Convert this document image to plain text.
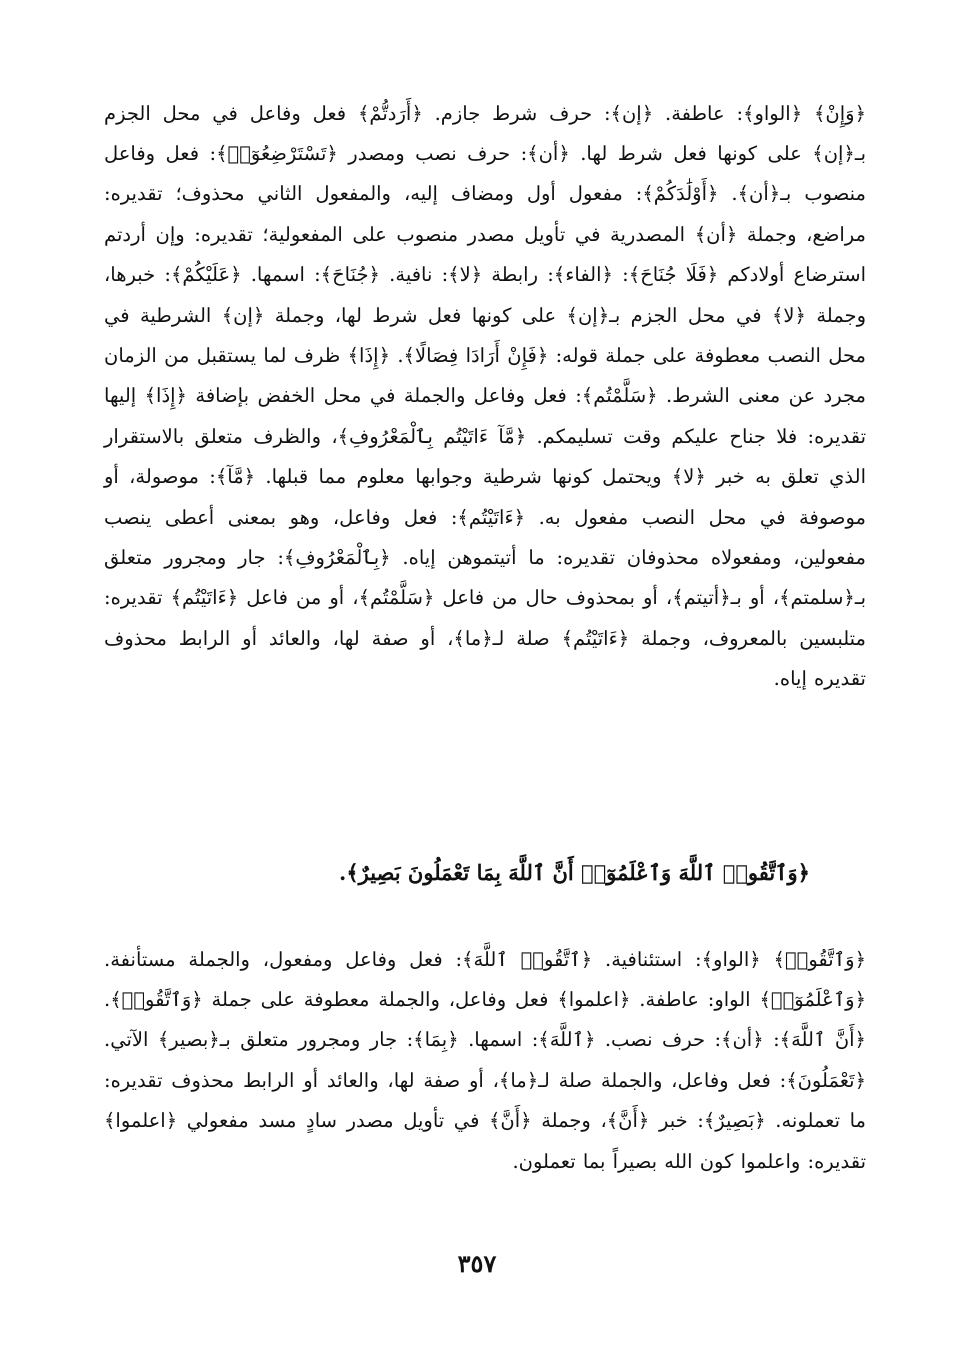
﴿وَإِنْ﴾ ﴿الواو﴾: عاطفة. ﴿إن﴾: حرف شرط جازم. ﴿أَرَدتُّمْ﴾ فعل وفاعل في محل الجزم بـ﴿إن﴾ على كونها فعل شرط لها. ﴿أن﴾: حرف نصب ومصدر ﴿تَسْتَرْضِعُوٓا۟﴾: فعل وفاعل منصوب بـ﴿أن﴾. ﴿أَوْلَٰدَكُمْ﴾: مفعول أول ومضاف إليه، والمفعول الثاني محذوف؛ تقديره: مراضع، وجملة ﴿أن﴾ المصدرية في تأويل مصدر منصوب على المفعولية؛ تقديره: وإن أردتم استرضاع أولادكم ﴿فَلَا جُنَاحَ﴾: ﴿الفاء﴾: رابطة ﴿لا﴾: نافية. ﴿جُنَاحَ﴾: اسمها. ﴿عَلَيْكُمْ﴾: خبرها، وجملة ﴿لا﴾ في محل الجزم بـ﴿إن﴾ على كونها فعل شرط لها، وجملة ﴿إن﴾ الشرطية في محل النصب معطوفة على جملة قوله: ﴿فَإِنْ أَرَادَا فِصَالًا﴾. ﴿إِذَا﴾ ظرف لما يستقبل من الزمان مجرد عن معنى الشرط. ﴿سَلَّمْتُم﴾: فعل وفاعل والجملة في محل الخفض بإضافة ﴿إِذَا﴾ إليها تقديره: فلا جناح عليكم وقت تسليمكم. ﴿مَّآ ءَاتَيْتُم بِٱلْمَعْرُوفِ﴾، والظرف متعلق بالاستقرار الذي تعلق به خبر ﴿لا﴾ ويحتمل كونها شرطية وجوابها معلوم مما قبلها. ﴿مَّآ﴾: موصولة، أو موصوفة في محل النصب مفعول به. ﴿ءَاتَيْتُم﴾: فعل وفاعل، وهو بمعنى أعطى ينصب مفعولين، ومفعولاه محذوفان تقديره: ما أتيتموهن إياه. ﴿بِٱلْمَعْرُوفِ﴾: جار ومجرور متعلق بـ﴿سلمتم﴾، أو بـ﴿أتيتم﴾، أو بمحذوف حال من فاعل ﴿سَلَّمْتُم﴾، أو من فاعل ﴿ءَاتَيْتُم﴾ تقديره: متلبسين بالمعروف، وجملة ﴿ءَاتَيْتُم﴾ صلة لـ﴿ما﴾، أو صفة لها، والعائد أو الرابط محذوف تقديره إياه.

﴿وَٱتَّقُوا۟ ٱللَّهَ وَٱعْلَمُوٓا۟ أَنَّ ٱللَّهَ بِمَا تَعْمَلُونَ بَصِيرٌ﴾.

﴿وَٱتَّقُوا۟﴾ ﴿الواو﴾: استئنافية. ﴿ٱتَّقُوا۟ ٱللَّهَ﴾: فعل وفاعل ومفعول، والجملة مستأنفة. ﴿وَٱعْلَمُوٓا۟﴾ الواو: عاطفة. ﴿اعلموا﴾ فعل وفاعل، والجملة معطوفة على جملة ﴿وَٱتَّقُوا۟﴾. ﴿أَنَّ ٱللَّهَ﴾: ﴿أن﴾: حرف نصب. ﴿ٱللَّهَ﴾: اسمها. ﴿بِمَا﴾: جار ومجرور متعلق بـ﴿بصير﴾ الآتي. ﴿تَعْمَلُونَ﴾: فعل وفاعل، والجملة صلة لـ﴿ما﴾، أو صفة لها، والعائد أو الرابط محذوف تقديره: ما تعملونه. ﴿بَصِيرٌ﴾: خبر ﴿أَنَّ﴾، وجملة ﴿أَنَّ﴾ في تأويل مصدر سادٍ مسد مفعولي ﴿اعلموا﴾ تقديره: واعلموا كون الله بصيراً بما تعملون.

٣٥٧
